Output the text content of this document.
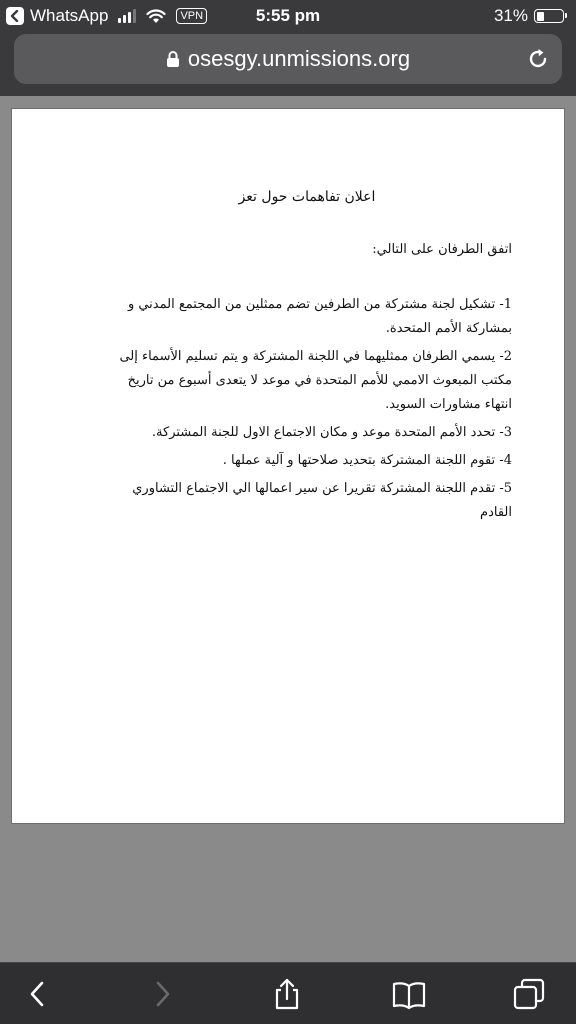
WhatsApp	VPN	5:55 pm	31%
osesgy.unmissions.org
اعلان تفاهمات حول تعز
اتفق الطرفان على التالي:
1- تشكيل لجنة مشتركة من الطرفين تضم ممثلين من المجتمع المدني و بمشاركة الأمم المتحدة.
2- يسمي الطرفان ممثليهما في اللجنة المشتركة و يتم تسليم الأسماء إلى مكتب المبعوث الاممي للأمم المتحدة في موعد لا يتعدى أسبوع من تاريخ انتهاء مشاورات السويد.
3- تحدد الأمم المتحدة موعد و مكان الاجتماع الاول للجنة المشتركة.
4- تقوم اللجنة المشتركة بتحديد صلاحتها و آلية عملها .
5- تقدم اللجنة المشتركة تقريرا عن سير اعمالها الي الاجتماع التشاوري القادم
